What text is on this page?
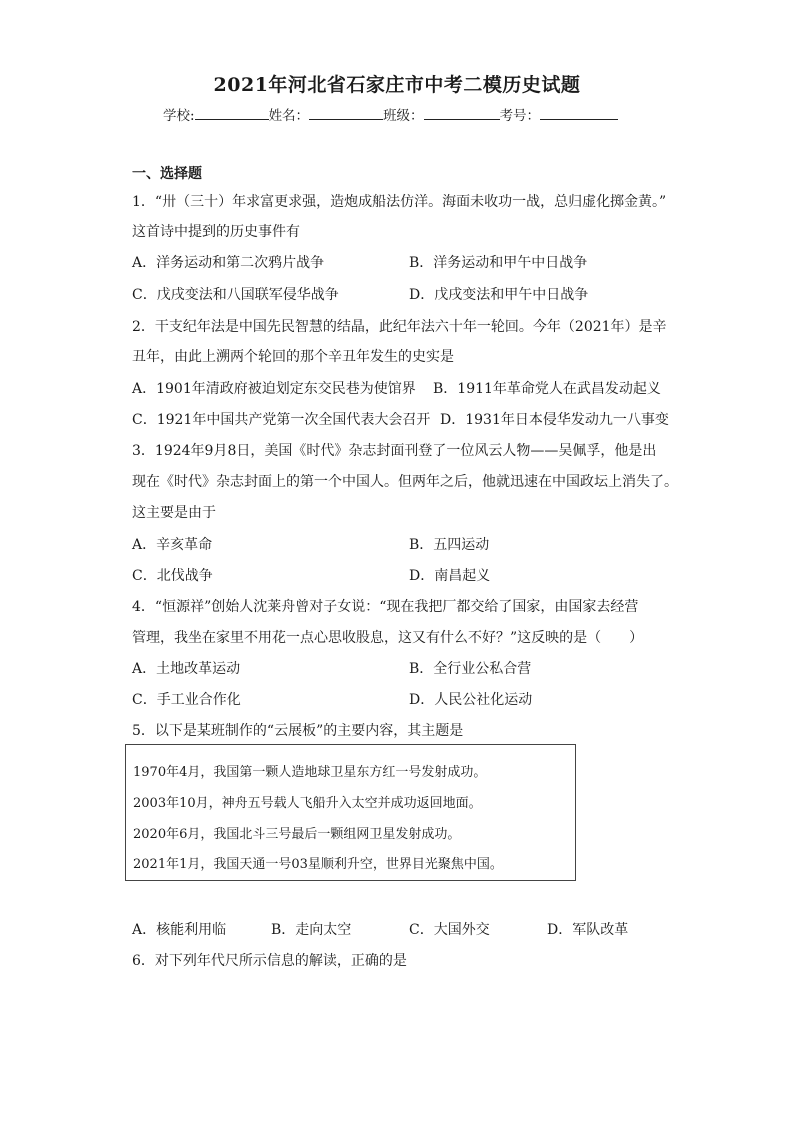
2021年河北省石家庄市中考二模历史试题
学校:	姓名：	班级：	考号：
一、选择题
1．“卅（三十）年求富更求强，造炮成船法仿洋。海面未收功一战，总归虚化掷金黄。”
这首诗中提到的历史事件有
A．洋务运动和第二次鸦片战争	B．洋务运动和甲午中日战争
C．戊戌变法和八国联军侵华战争	D．戊戌变法和甲午中日战争
2．干支纪年法是中国先民智慧的结晶，此纪年法六十年一轮回。今年（2021年）是辛
丑年，由此上溯两个轮回的那个辛丑年发生的史实是
A．1901年清政府被迫划定东交民巷为使馆界 B．1911年革命党人在武昌发动起义
C．1921年中国共产党第一次全国代表大会召开 D．1931年日本侵华发动九一八事变
3．1924年9月8日，美国《时代》杂志封面刊登了一位风云人物——吴佩孚，他是出
现在《时代》杂志封面上的第一个中国人。但两年之后，他就迅速在中国政坛上消失了。
这主要是由于
A．辛亥革命	B．五四运动
C．北伐战争	D．南昌起义
4．“恒源祥”创始人沈莱舟曾对子女说：“现在我把厂都交给了国家，由国家去经营
管理，我坐在家里不用花一点心思收股息，这又有什么不好？”这反映的是（　　）
A．土地改革运动	B．全行业公私合营
C．手工业合作化	D．人民公社化运动
5．以下是某班制作的“云展板”的主要内容，其主题是
1970年4月，我国第一颗人造地球卫星东方红一号发射成功。
2003年10月，神舟五号载人飞船升入太空并成功返回地面。
2020年6月，我国北斗三号最后一颗组网卫星发射成功。
2021年1月，我国天通一号03星顺利升空，世界目光聚焦中国。
A．核能利用临	B．走向太空	C．大国外交	D．军队改革
6．对下列年代尺所示信息的解读，正确的是
